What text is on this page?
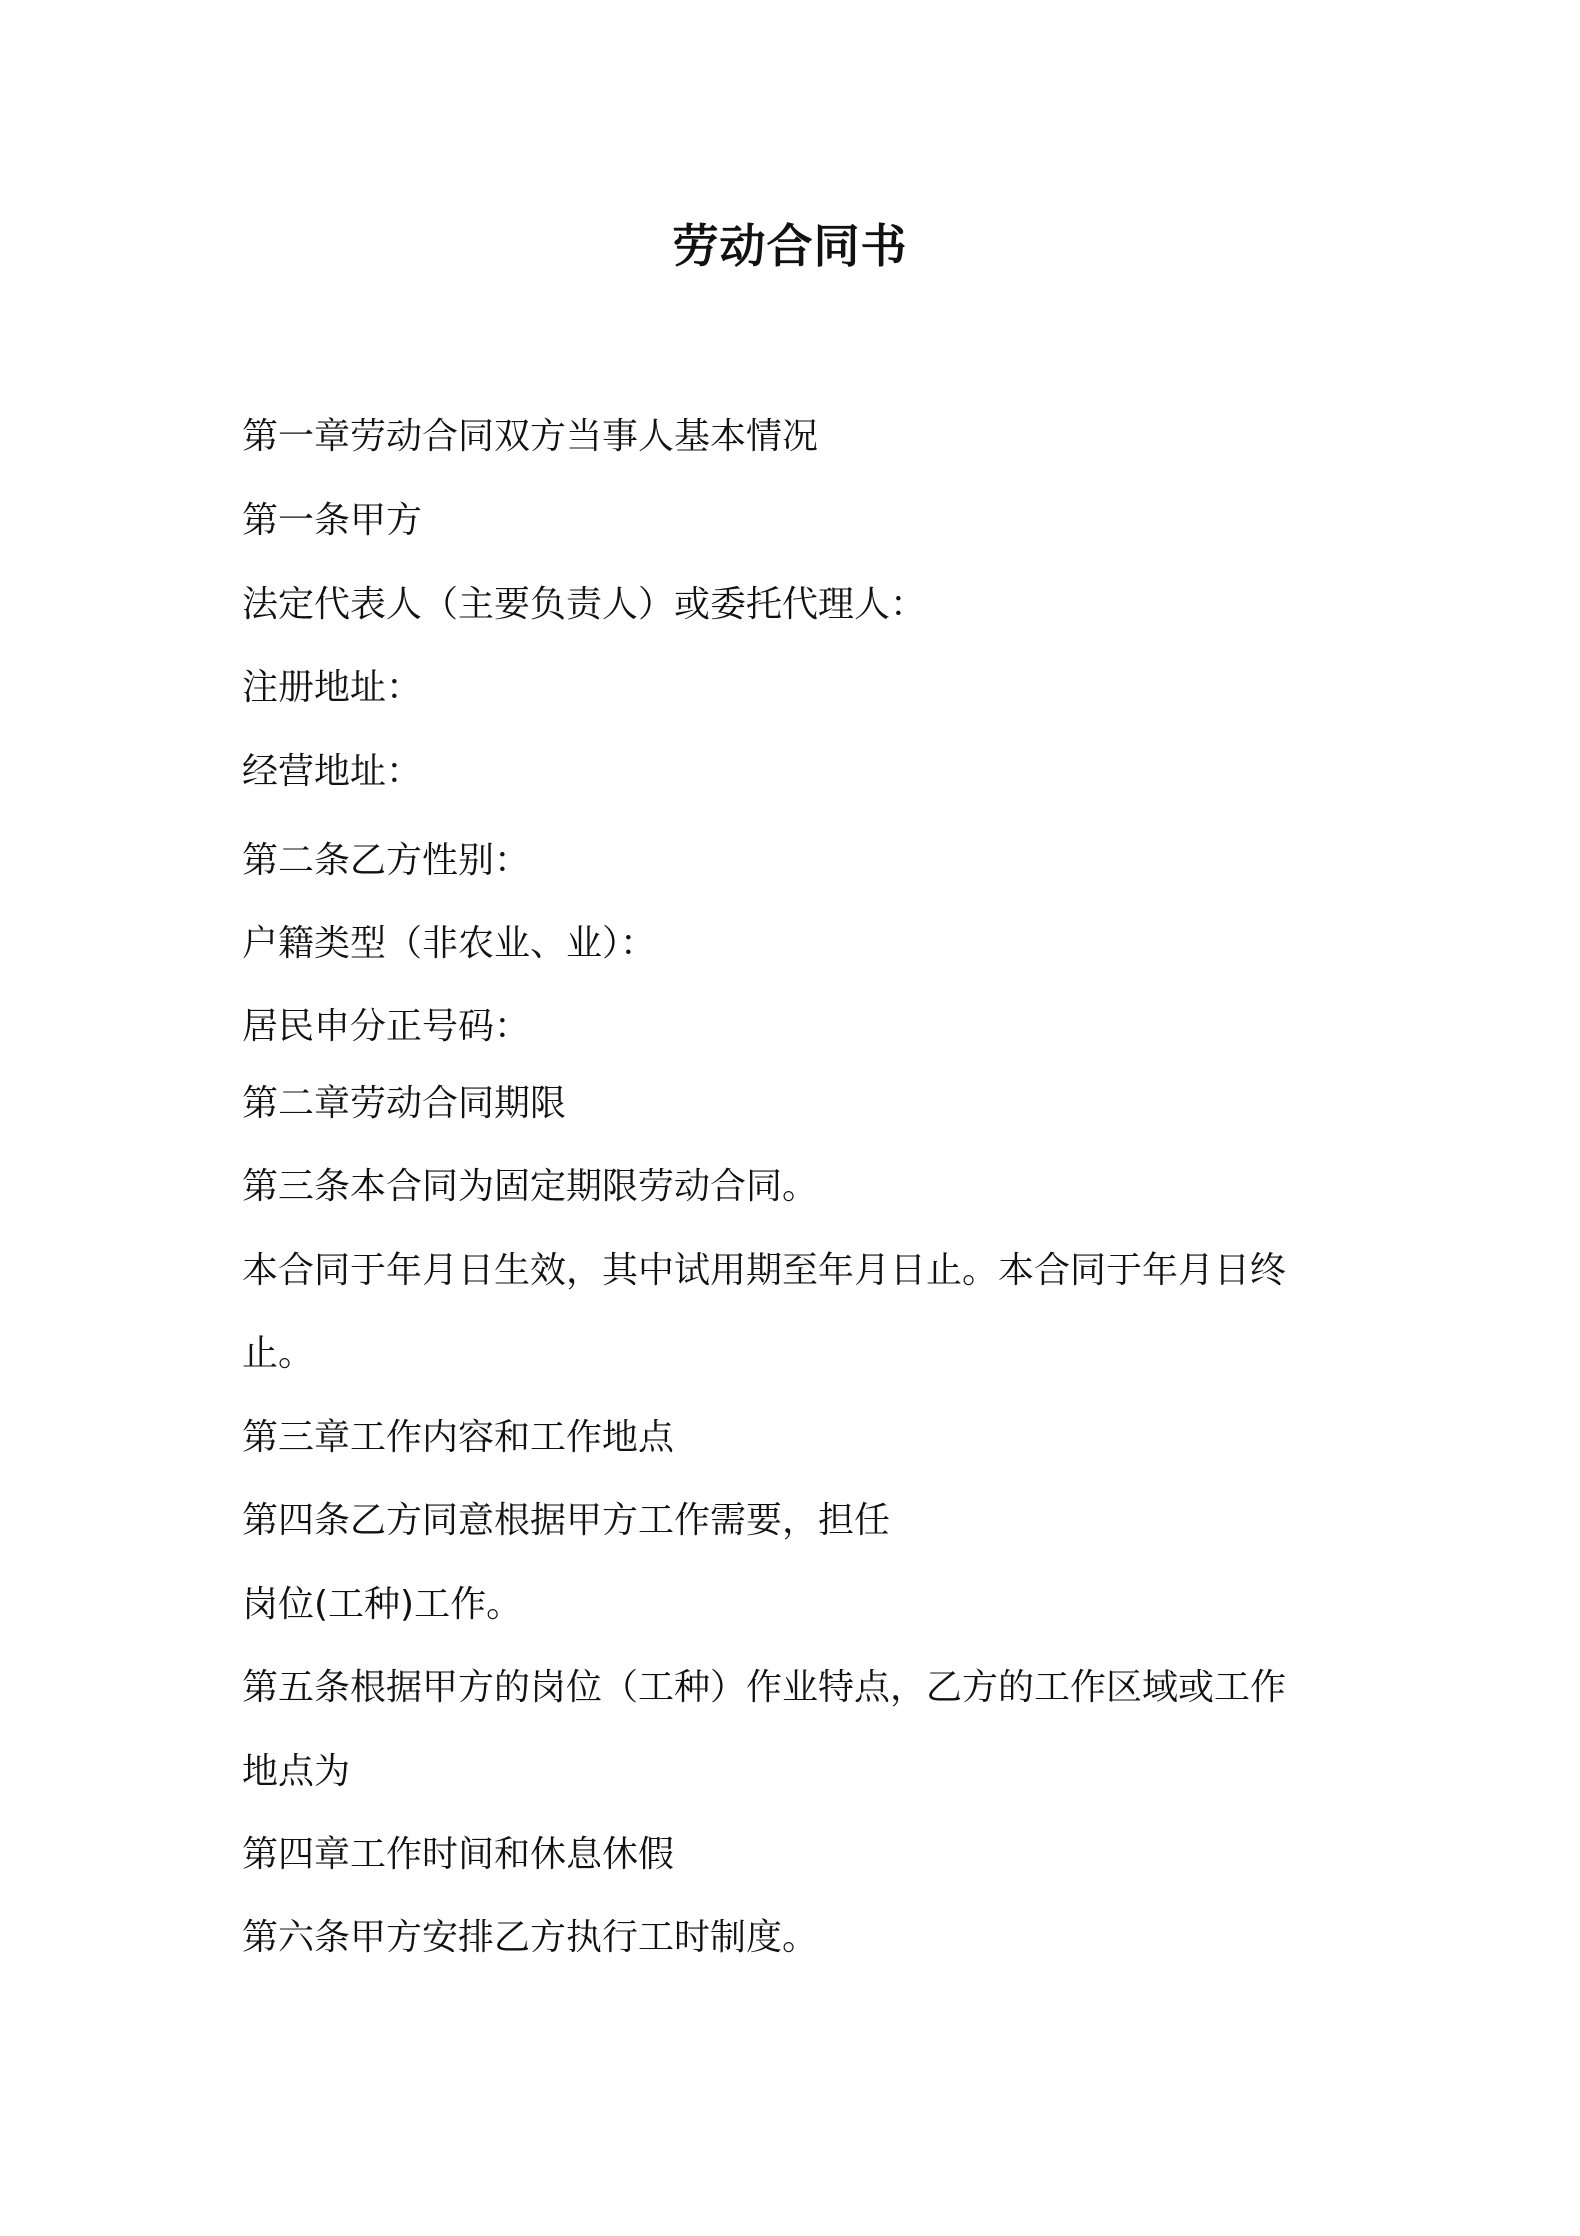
劳动合同书

第一章劳动合同双方当事人基本情况

第一条甲方

法定代表人（主要负责人）或委托代理人：

注册地址：

经营地址：

第二条乙方性别：

户籍类型（非农业、业）：

居民申分正号码：

第二章劳动合同期限

第三条本合同为固定期限劳动合同。

本合同于年月日生效，其中试用期至年月日止。本合同于年月日终

止。

第三章工作内容和工作地点

第四条乙方同意根据甲方工作需要，担任

岗位(工种)工作。

第五条根据甲方的岗位（工种）作业特点，乙方的工作区域或工作

地点为

第四章工作时间和休息休假

第六条甲方安排乙方执行工时制度。
